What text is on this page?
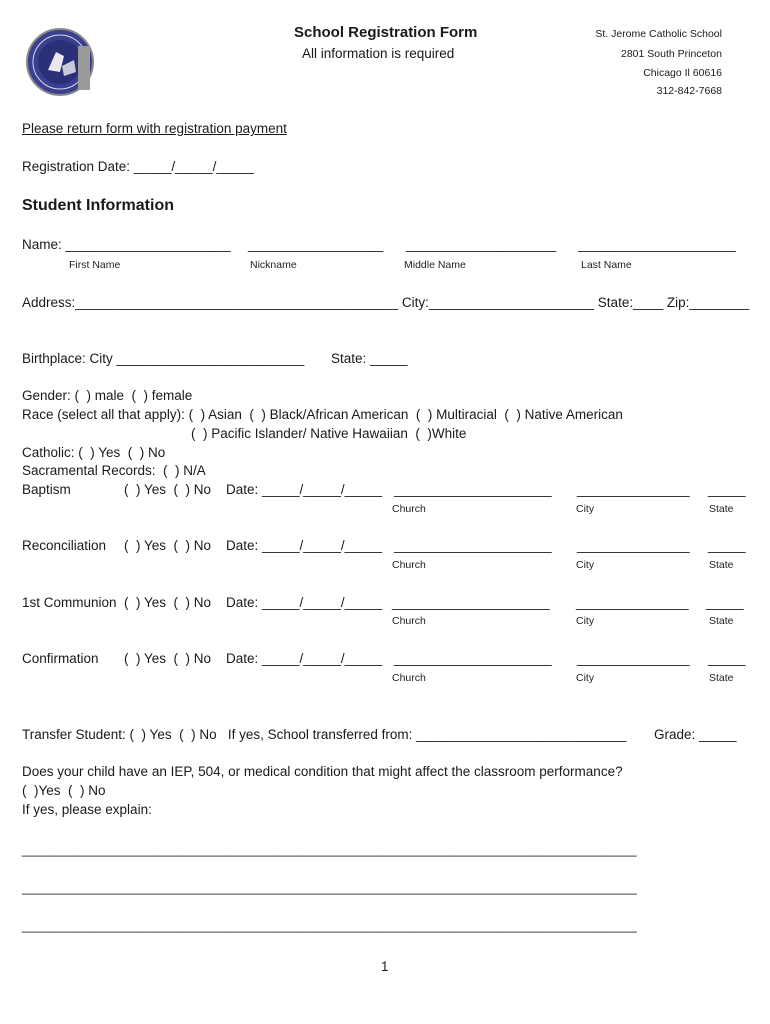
School Registration Form
All information is required
St. Jerome Catholic School
2801 South Princeton
Chicago Il 60616
312-842-7668
Please return form with registration payment
Registration Date: _____/_____/_____
Student Information
Name: ______________________ __________________ ____________________ _____________________
First Name	Nickname	Middle Name	Last Name
Address:___________________________________________ City:______________________ State:____ Zip:________
Birthplace: City _________________________ State: _____
Gender: (  ) male  (  ) female
Race (select all that apply): (  ) Asian  (  ) Black/African American  (  ) Multiracial  (  ) Native American
(  ) Pacific Islander/ Native Hawaiian  (  )White
Catholic: (  ) Yes  (  ) No
Sacramental Records:  (  ) N/A
Baptism	(  ) Yes  (  ) No Date: _____/_____/_____ _____________________ _______________ _____
Church	City	State
Reconciliation (  ) Yes  (  ) No Date: _____/_____/_____ _____________________ _______________ _____
Church	City	State
1st Communion (  ) Yes  (  ) No Date: _____/_____/_____ _____________________ _______________ _____
Church	City	State
Confirmation (  ) Yes  (  ) No Date: _____/_____/_____ _____________________ _______________ _____
Church	City	State
Transfer Student: (  ) Yes  (  ) No   If yes, School transferred from: ____________________________ Grade: _____
Does your child have an IEP, 504, or medical condition that might affect the classroom performance?
(  )Yes  (  ) No
If yes, please explain:
_____________________________________________________________________________________
_____________________________________________________________________________________
_____________________________________________________________________________________
1
